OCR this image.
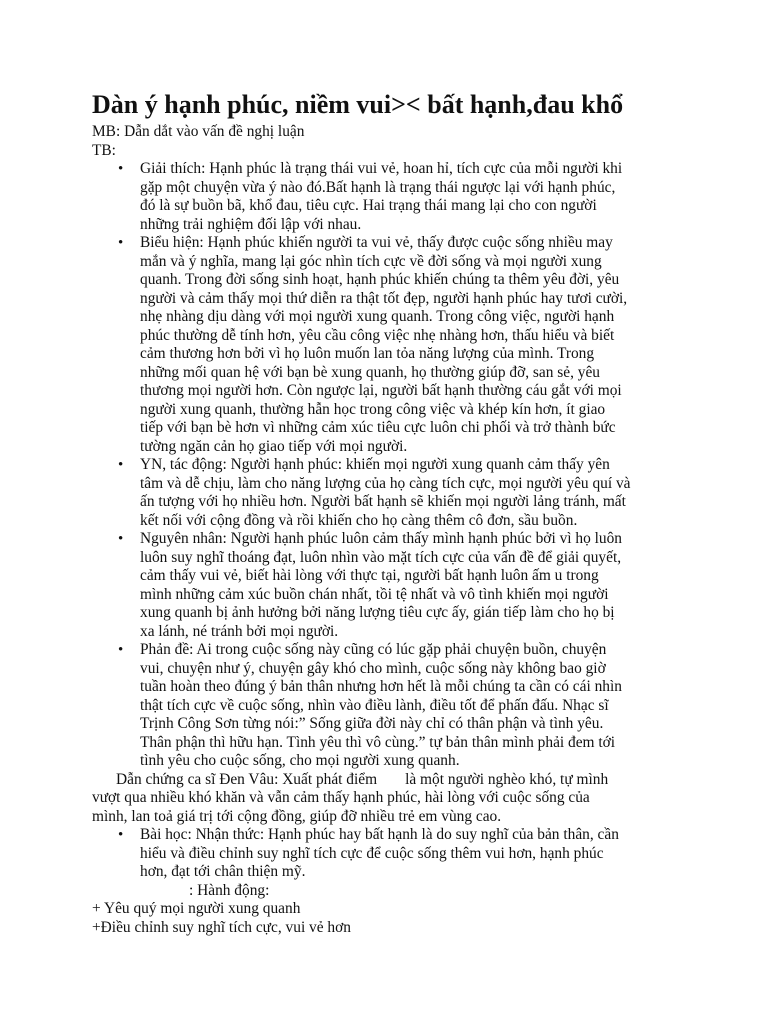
Dàn ý hạnh phúc, niềm vui>< bất hạnh,đau khổ

MB: Dẫn dắt vào vấn đề nghị luận

TB:

• Giải thích: Hạnh phúc là trạng thái vui vẻ, hoan hỉ, tích cực của mỗi người khi
gặp một chuyện vừa ý nào đó.Bất hạnh là trạng thái ngược lại với hạnh phúc,
đó là sự buồn bã, khổ đau, tiêu cực. Hai trạng thái mang lại cho con người
những trải nghiệm đối lập với nhau.
• Biểu hiện: Hạnh phúc khiến người ta vui vẻ, thấy được cuộc sống nhiều may
mắn và ý nghĩa, mang lại góc nhìn tích cực về đời sống và mọi người xung
quanh. Trong đời sống sinh hoạt, hạnh phúc khiến chúng ta thêm yêu đời, yêu
người và cảm thấy mọi thứ diễn ra thật tốt đẹp, người hạnh phúc hay tươi cười,
nhẹ nhàng dịu dàng với mọi người xung quanh. Trong công việc, người hạnh
phúc thường dễ tính hơn, yêu cầu công việc nhẹ nhàng hơn, thấu hiểu và biết
cảm thương hơn bởi vì họ luôn muốn lan tỏa năng lượng của mình. Trong
những mối quan hệ với bạn bè xung quanh, họ thường giúp đỡ, san sẻ, yêu
thương mọi người hơn. Còn ngược lại, người bất hạnh thường cáu gắt với mọi
người xung quanh, thường hẫn học trong công việc và khép kín hơn, ít giao
tiếp với bạn bè hơn vì những cảm xúc tiêu cực luôn chi phối và trở thành bức
tường ngăn cản họ giao tiếp với mọi người.
• YN, tác động: Người hạnh phúc: khiến mọi người xung quanh cảm thấy yên
tâm và dễ chịu, làm cho năng lượng của họ càng tích cực, mọi người yêu quí và
ấn tượng với họ nhiều hơn. Người bất hạnh sẽ khiến mọi người lảng tránh, mất
kết nối với cộng đồng và rồi khiến cho họ càng thêm cô đơn, sầu buồn.
• Nguyên nhân: Người hạnh phúc luôn cảm thấy mình hạnh phúc bởi vì họ luôn
luôn suy nghĩ thoáng đạt, luôn nhìn vào mặt tích cực của vấn đề để giải quyết,
cảm thấy vui vẻ, biết hài lòng với thực tại, người bất hạnh luôn ấm u trong
mình những cảm xúc buồn chán nhất, tồi tệ nhất và vô tình khiến mọi người
xung quanh bị ảnh hưởng bởi năng lượng tiêu cực ấy, gián tiếp làm cho họ bị
xa lánh, né tránh bởi mọi người.
• Phản đề: Ai trong cuộc sống này cũng có lúc gặp phải chuyện buồn, chuyện
vui, chuyện như ý, chuyện gây khó cho mình, cuộc sống này không bao giờ
tuần hoàn theo đúng ý bản thân nhưng hơn hết là mỗi chúng ta cần có cái nhìn
thật tích cực về cuộc sống, nhìn vào điều lành, điều tốt để phấn đấu. Nhạc sĩ
Trịnh Công Sơn từng nói:” Sống giữa đời này chỉ có thân phận và tình yêu.
Thân phận thì hữu hạn. Tình yêu thì vô cùng.” tự bản thân mình phải đem tới
tình yêu cho cuộc sống, cho mọi người xung quanh.

Dẫn chứng ca sĩ Đen Vâu: Xuất phát điểm là một người nghèo khó, tự mình

vượt qua nhiều khó khăn và vẫn cảm thấy hạnh phúc, hài lòng với cuộc sống của

mình, lan toả giá trị tới cộng đồng, giúp đỡ nhiều trẻ em vùng cao.

• Bài học: Nhận thức: Hạnh phúc hay bất hạnh là do suy nghĩ của bản thân, cần
hiểu và điều chỉnh suy nghĩ tích cực để cuộc sống thêm vui hơn, hạnh phúc
hơn, đạt tới chân thiện mỹ.

: Hành động:

+ Yêu quý mọi người xung quanh

+Điều chỉnh suy nghĩ tích cực, vui vẻ hơn
